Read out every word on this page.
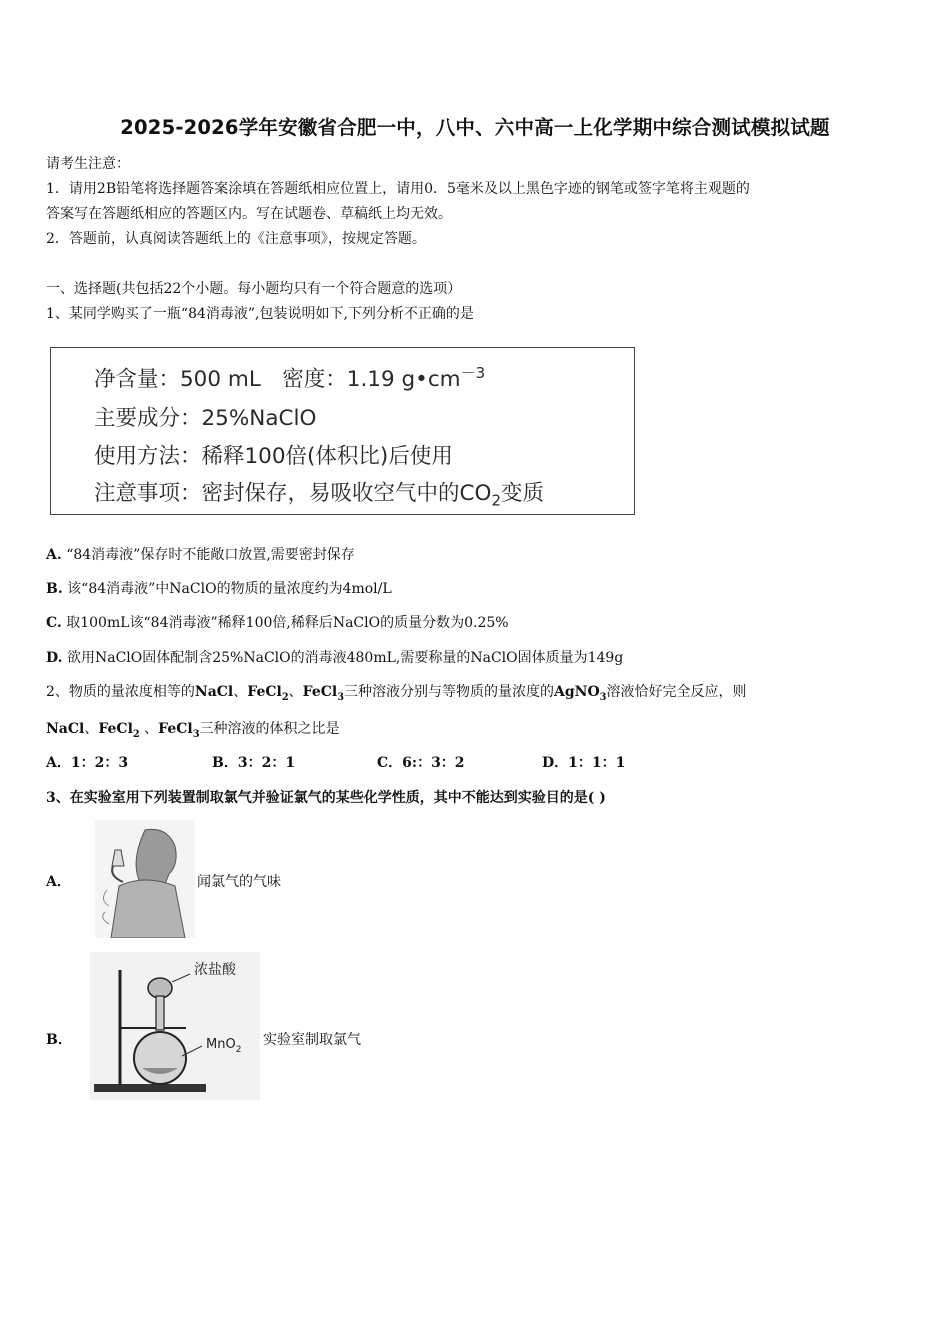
2025-2026学年安徽省合肥一中，八中、六中高一上化学期中综合测试模拟试题
请考生注意：
1．请用2B铅笔将选择题答案涂填在答题纸相应位置上，请用0．5毫米及以上黑色字迹的钢笔或签字笔将主观题的
答案写在答题纸相应的答题区内。写在试题卷、草稿纸上均无效。
2．答题前，认真阅读答题纸上的《注意事项》，按规定答题。
一、选择题(共包括22个小题。每小题均只有一个符合题意的选项）
1、某同学购买了一瓶“84消毒液”,包装说明如下,下列分析不正确的是
净含量：500 mL　密度：1.19 $g•cm^{-3}$
主要成分：25%NaClO
使用方法：稀释100倍(体积比)后使用
注意事项：密封保存，易吸收空气中的$CO_2$变质
A. “84消毒液”保存时不能敞口放置,需要密封保存
B. 该“84消毒液”中NaClO的物质的量浓度约为4mol/L
C. 取100mL该“84消毒液”稀释100倍,稀释后NaClO的质量分数为0.25%
D. 欲用NaClO固体配制含25%NaClO的消毒液480mL,需要称量的NaClO固体质量为149g
2、物质的量浓度相等的NaCl、FeCl$_2$、FeCl$_3$三种溶液分别与等物质的量浓度的AgNO$_3$溶液恰好完全反应，则
NaCl、FeCl$_2$ 、FeCl$_3$三种溶液的体积之比是
A．1：2：3	B．3：2：1	C．6:：3：2	D．1：1：1
3、在实验室用下列装置制取氯气并验证氯气的某些化学性质，其中不能达到实验目的是( )
A．	闻氯气的气味
B．
浓盐酸
MnO$_2$
实验室制取氯气
